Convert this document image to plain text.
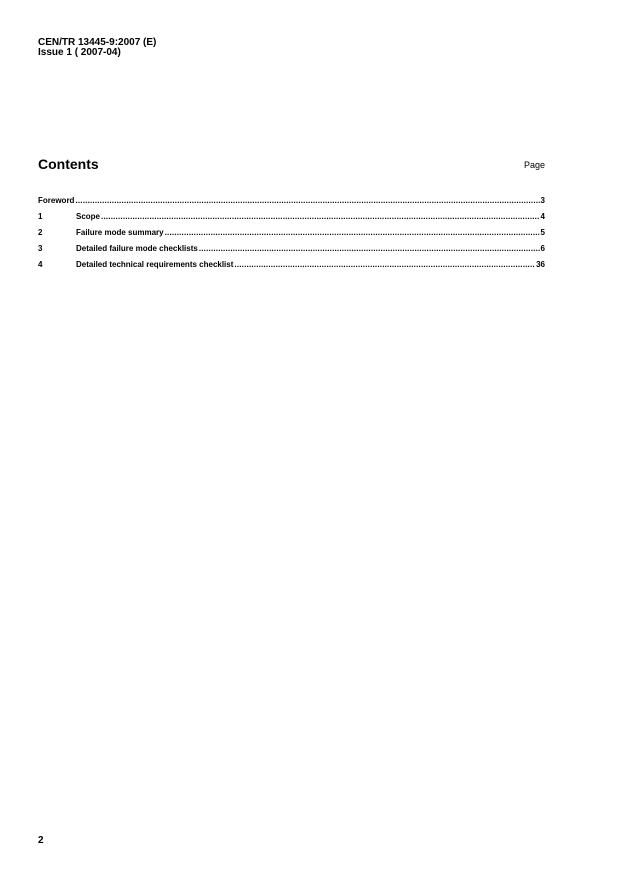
CEN/TR 13445-9:2007 (E)
Issue 1 ( 2007-04)
Contents	Page
Foreword .....	3
1	Scope .....	4
2	Failure mode summary .....	5
3	Detailed failure mode checklists .....	6
4	Detailed technical requirements checklist .....	36
2
